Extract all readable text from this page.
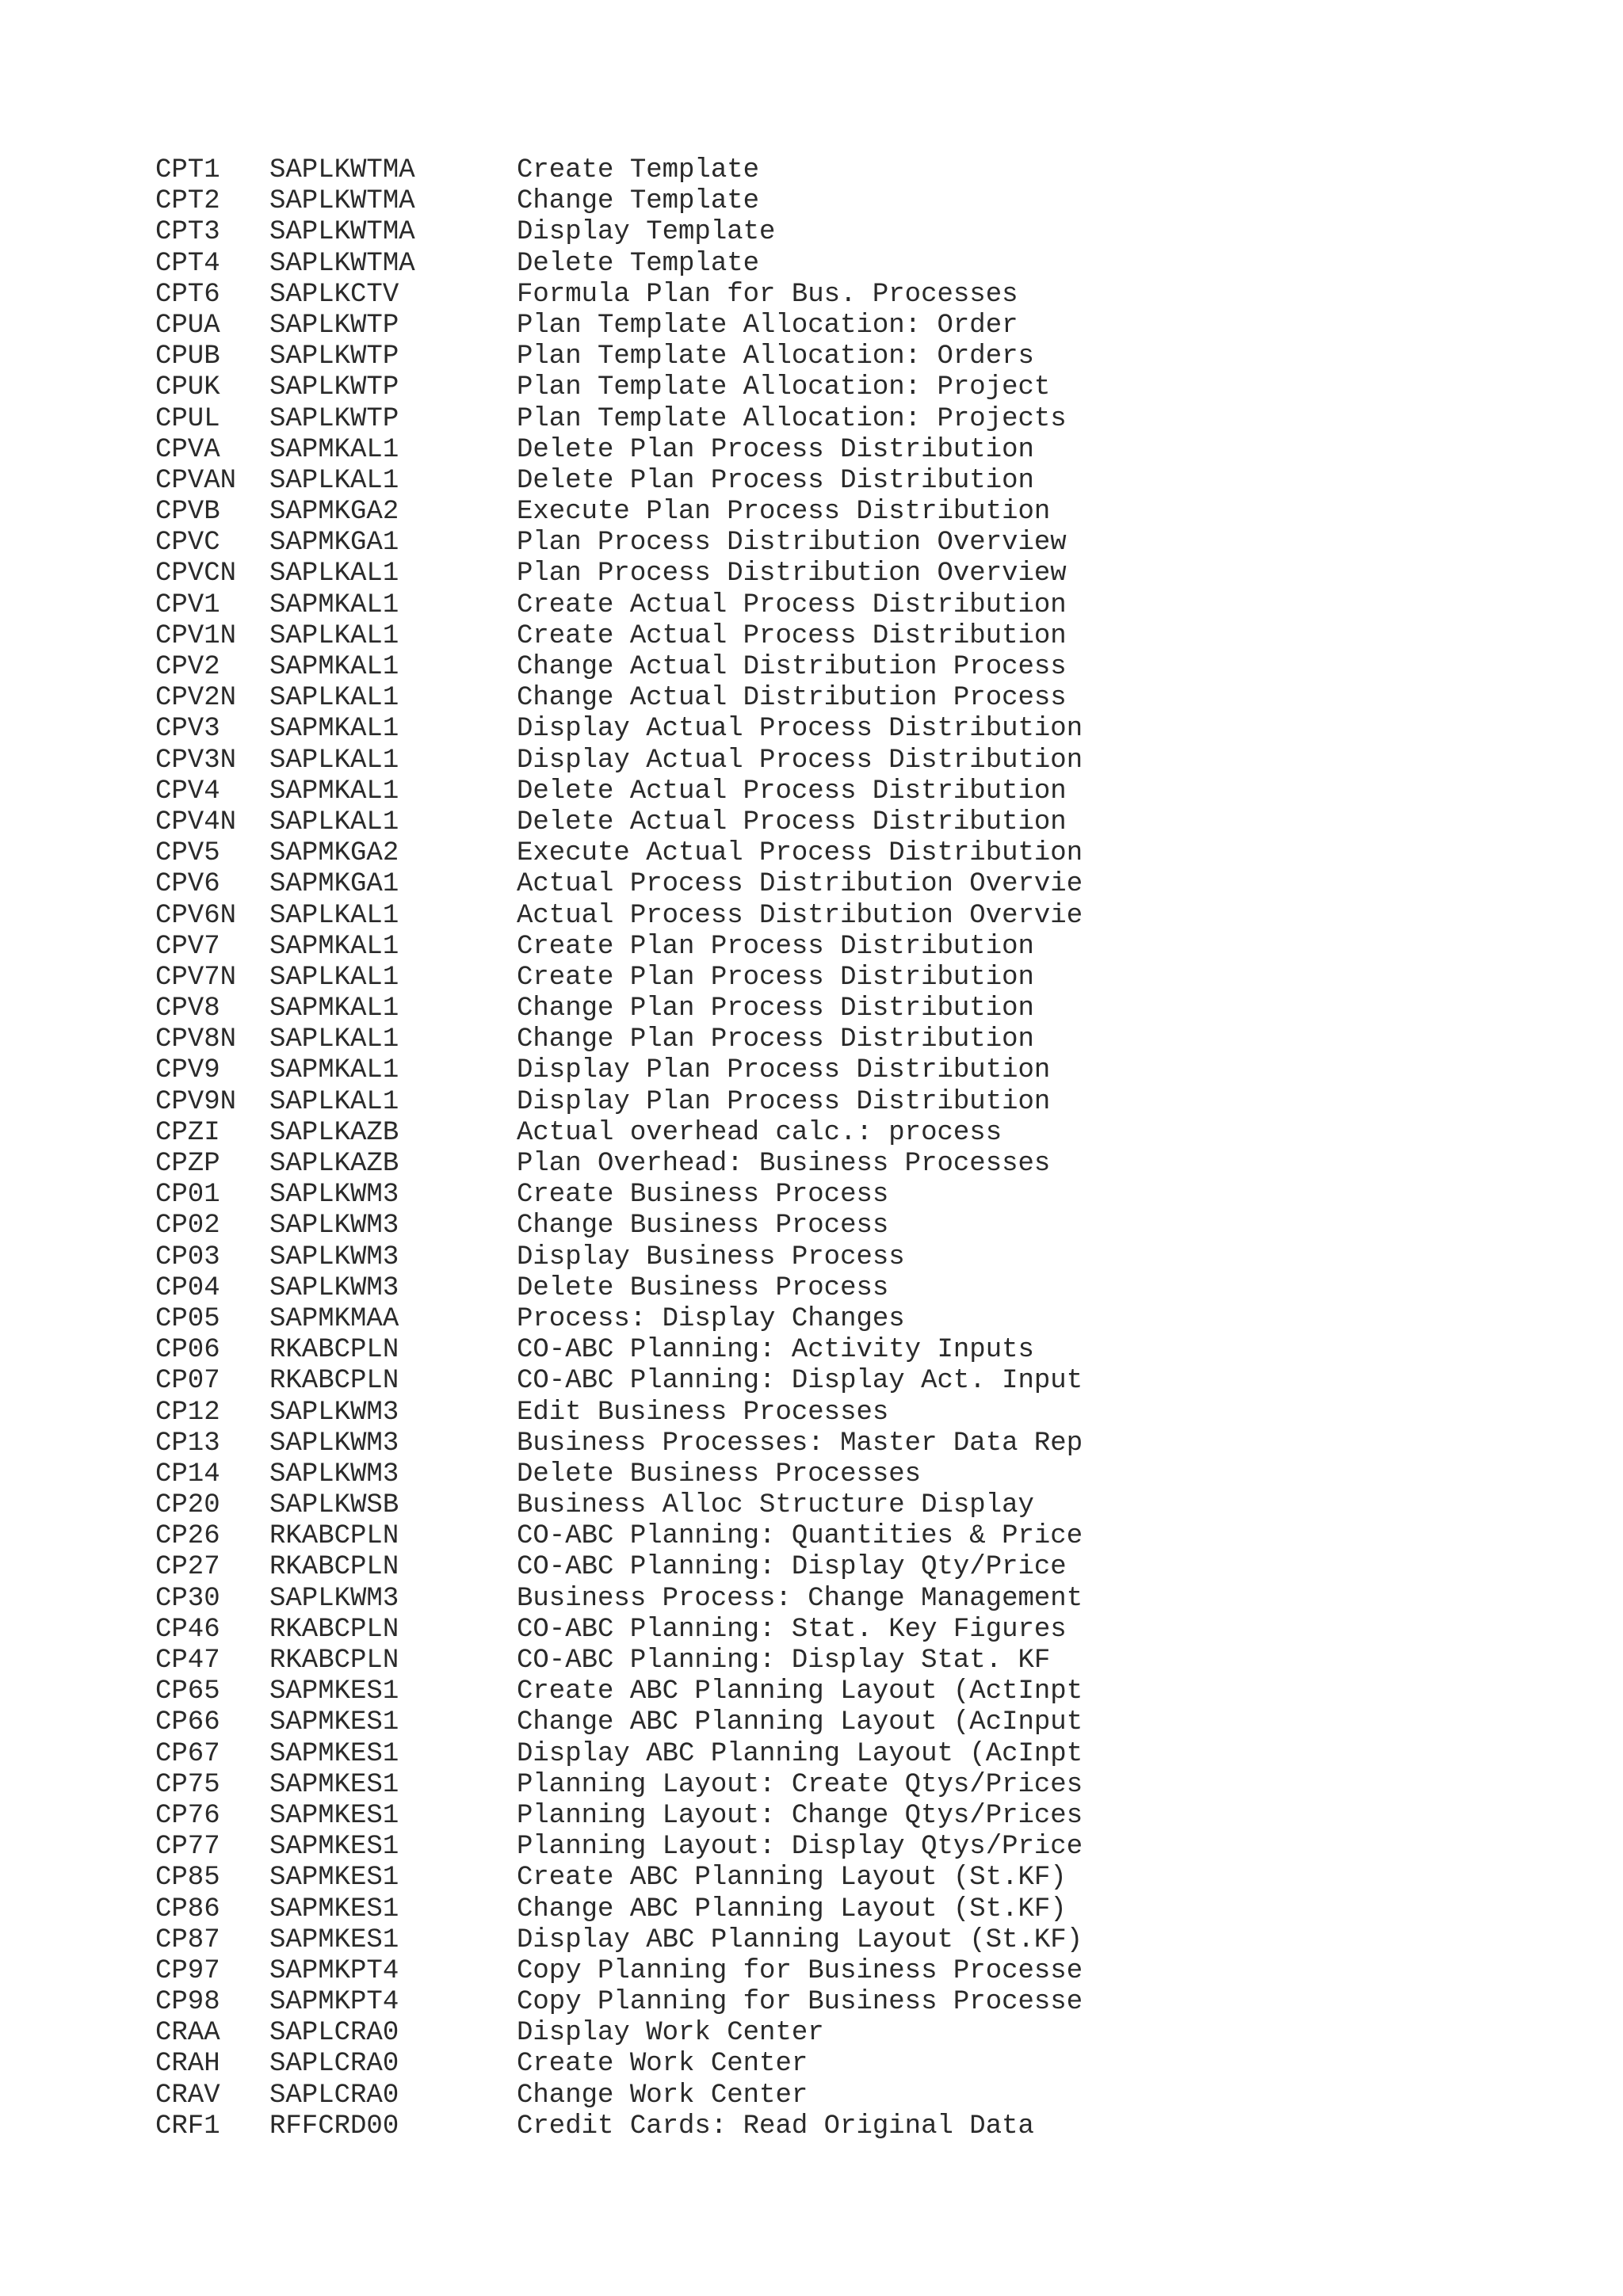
CPT1 SAPLKWTMA	Create Template
CPT2 SAPLKWTMA	Change Template
CPT3 SAPLKWTMA	Display Template
CPT4 SAPLKWTMA	Delete Template
CPT6 SAPLKCTV	Formula Plan for Bus. Processes
CPUA SAPLKWTP	Plan Template Allocation: Order
CPUB SAPLKWTP	Plan Template Allocation: Orders
CPUK SAPLKWTP	Plan Template Allocation: Project
CPUL SAPLKWTP	Plan Template Allocation: Projects
CPVA SAPMKAL1	Delete Plan Process Distribution
CPVAN SAPLKAL1	Delete Plan Process Distribution
CPVB SAPMKGA2	Execute Plan Process Distribution
CPVC SAPMKGA1	Plan Process Distribution Overview
CPVCN SAPLKAL1	Plan Process Distribution Overview
CPV1 SAPMKAL1	Create Actual Process Distribution
CPV1N SAPLKAL1	Create Actual Process Distribution
CPV2 SAPMKAL1	Change Actual Distribution Process
CPV2N SAPLKAL1	Change Actual Distribution Process
CPV3 SAPMKAL1	Display Actual Process Distribution
CPV3N SAPLKAL1	Display Actual Process Distribution
CPV4 SAPMKAL1	Delete Actual Process Distribution
CPV4N SAPLKAL1	Delete Actual Process Distribution
CPV5 SAPMKGA2	Execute Actual Process Distribution
CPV6 SAPMKGA1	Actual Process Distribution Overvie
CPV6N SAPLKAL1	Actual Process Distribution Overvie
CPV7 SAPMKAL1	Create Plan Process Distribution
CPV7N SAPLKAL1	Create Plan Process Distribution
CPV8 SAPMKAL1	Change Plan Process Distribution
CPV8N SAPLKAL1	Change Plan Process Distribution
CPV9 SAPMKAL1	Display Plan Process Distribution
CPV9N SAPLKAL1	Display Plan Process Distribution
CPZI SAPLKAZB	Actual overhead calc.: process
CPZP SAPLKAZB	Plan Overhead: Business Processes
CP01 SAPLKWM3	Create Business Process
CP02 SAPLKWM3	Change Business Process
CP03 SAPLKWM3	Display Business Process
CP04 SAPLKWM3	Delete Business Process
CP05 SAPMKMAA	Process: Display Changes
CP06 RKABCPLN	CO-ABC Planning: Activity Inputs
CP07 RKABCPLN	CO-ABC Planning: Display Act. Input
CP12 SAPLKWM3	Edit Business Processes
CP13 SAPLKWM3	Business Processes: Master Data Rep
CP14 SAPLKWM3	Delete Business Processes
CP20 SAPLKWSB	Business Alloc Structure Display
CP26 RKABCPLN	CO-ABC Planning: Quantities & Price
CP27 RKABCPLN	CO-ABC Planning: Display Qty/Price
CP30 SAPLKWM3	Business Process: Change Management
CP46 RKABCPLN	CO-ABC Planning: Stat. Key Figures
CP47 RKABCPLN	CO-ABC Planning: Display Stat. KF
CP65 SAPMKES1	Create ABC Planning Layout (ActInpt
CP66 SAPMKES1	Change ABC Planning Layout (AcInput
CP67 SAPMKES1	Display ABC Planning Layout (AcInpt
CP75 SAPMKES1	Planning Layout: Create Qtys/Prices
CP76 SAPMKES1	Planning Layout: Change Qtys/Prices
CP77 SAPMKES1	Planning Layout: Display Qtys/Price
CP85 SAPMKES1	Create ABC Planning Layout (St.KF)
CP86 SAPMKES1	Change ABC Planning Layout (St.KF)
CP87 SAPMKES1	Display ABC Planning Layout (St.KF)
CP97 SAPMKPT4	Copy Planning for Business Processe
CP98 SAPMKPT4	Copy Planning for Business Processe
CRAA SAPLCRA0	Display Work Center
CRAH SAPLCRA0	Create Work Center
CRAV SAPLCRA0	Change Work Center
CRF1 RFFCRD00	Credit Cards: Read Original Data
